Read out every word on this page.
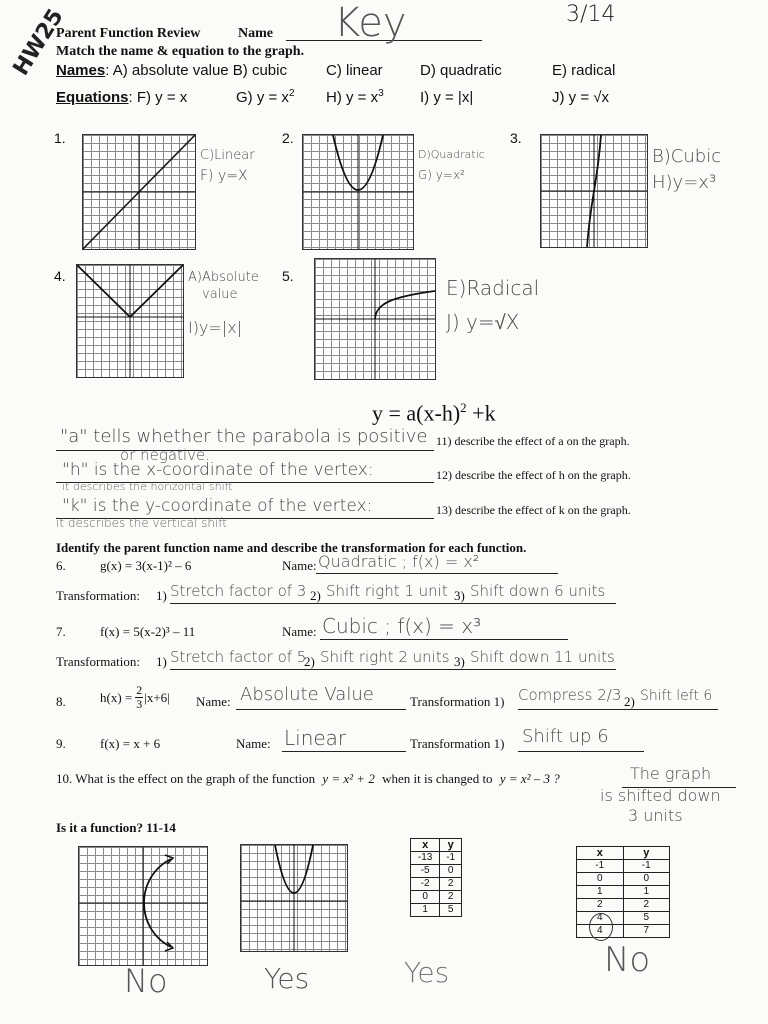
HW25	3/14
Parent Function Review	Name Key
Match the name & equation to the graph.
Names: A) absolute value B) cubic	C) linear D) quadratic	E) radical
Equations: F) y = x	G) $y = x^2$ H) $y = x^3$ I) y = |x|	J) y = √x
1.
C)Linear
F) y=X
2.
D)Quadratic
G) y=x²
3.
B)Cubic
H)y=x³
4.	A)Absolute
value
I)y=|x|
5.	E)Radical
J) y=√X
$y = a(x-h)^2 +k$
"a" tells whether the parabola is positive
or negative.
11) describe the effect of a on the graph.
"h" is the x-coordinate of the vertex:
it describes the horizontal shift
12) describe the effect of h on the graph.
"k" is the y-coordinate of the vertex:
it describes the vertical shift
13) describe the effect of k on the graph.
Identify the parent function name and describe the transformation for each function.
6.	g(x) = 3(x-1)² – 6	Name: Quadratic ; f(x) = x²
Transformation: 1) Stretch factor of 3 2) Shift right 1 unit 3) Shift down 6 units
7.	f(x) = 5(x-2)³ – 11	Name: Cubic ; f(x) = x³
Transformation: 1) Stretch factor of 5
2) Shift right 2 units 3) Shift down 11 units
8.	$h(x) = \frac{2}{3} |x+6|$ Name: Absolute Value	Transformation 1) Compress 2/3 2) Shift left 6
9.	f(x) = x + 6	Name: Linear	Transformation 1) Shift up 6
10. What is the effect on the graph of the function y = x² + 2 when it is changed to y = x² – 3 ?	The graph
is shifted down
3 units
Is it a function? 11-14
No	Yes
x	y
-13	-1
-5	0
-2	2
0	2
1	5
Yes
x	y
-1	-1
0	0
1	1
2	2
4	5
4	7
No
